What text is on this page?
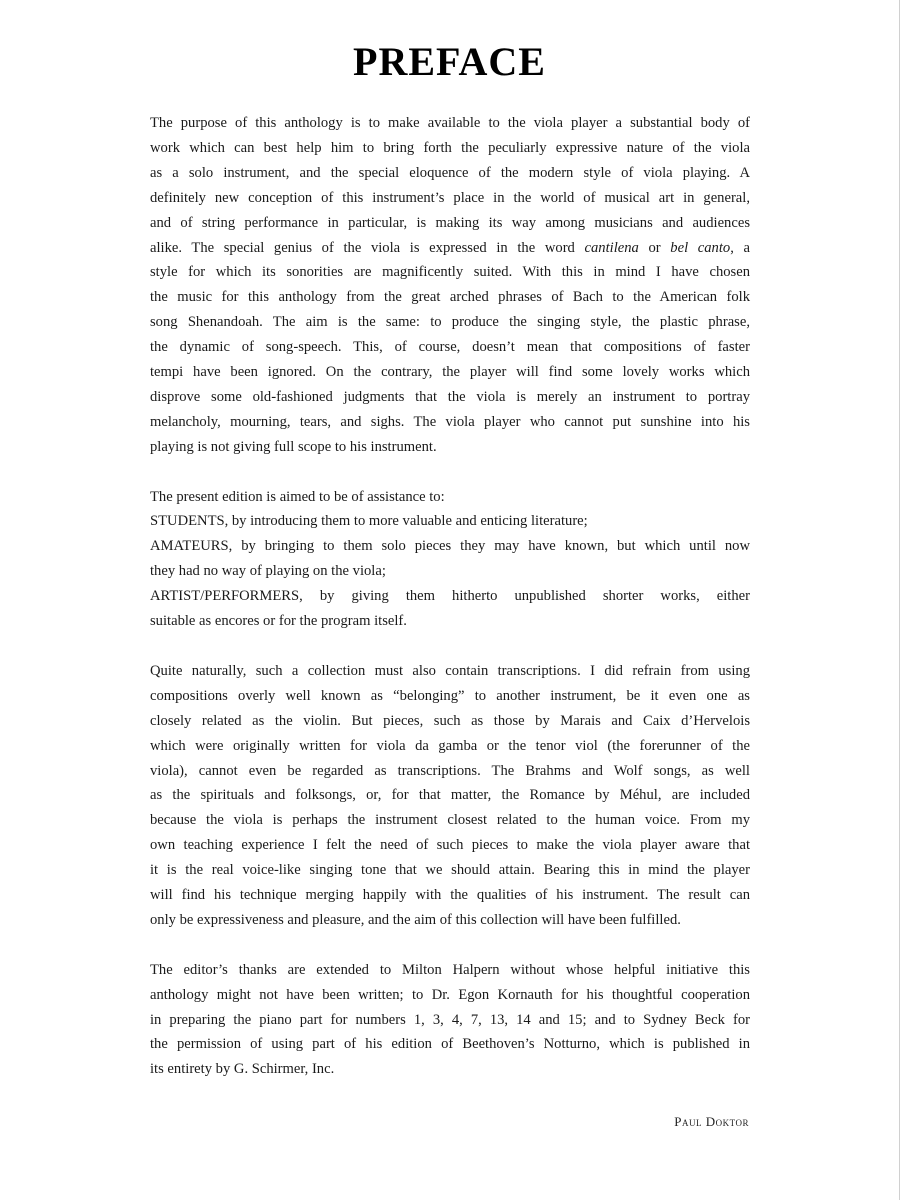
PREFACE

The purpose of this anthology is to make available to the viola player a substantial body of
work which can best help him to bring forth the peculiarly expressive nature of the viola
as a solo instrument, and the special eloquence of the modern style of viola playing. A
definitely new conception of this instrument’s place in the world of musical art in general,
and of string performance in particular, is making its way among musicians and audiences
alike. The special genius of the viola is expressed in the word cantilena or bel canto, a
style for which its sonorities are magnificently suited. With this in mind I have chosen
the music for this anthology from the great arched phrases of Bach to the American folk
song Shenandoah. The aim is the same: to produce the singing style, the plastic phrase,
the dynamic of song-speech. This, of course, doesn’t mean that compositions of faster
tempi have been ignored. On the contrary, the player will find some lovely works which
disprove some old-fashioned judgments that the viola is merely an instrument to portray
melancholy, mourning, tears, and sighs. The viola player who cannot put sunshine into his
playing is not giving full scope to his instrument.

The present edition is aimed to be of assistance to:
STUDENTS, by introducing them to more valuable and enticing literature;
AMATEURS, by bringing to them solo pieces they may have known, but which until now
they had no way of playing on the viola;
ARTIST/PERFORMERS, by giving them hitherto unpublished shorter works, either
suitable as encores or for the program itself.

Quite naturally, such a collection must also contain transcriptions. I did refrain from using
compositions overly well known as “belonging” to another instrument, be it even one as
closely related as the violin. But pieces, such as those by Marais and Caix d’Hervelois
which were originally written for viola da gamba or the tenor viol (the forerunner of the
viola), cannot even be regarded as transcriptions. The Brahms and Wolf songs, as well
as the spirituals and folksongs, or, for that matter, the Romance by Méhul, are included
because the viola is perhaps the instrument closest related to the human voice. From my
own teaching experience I felt the need of such pieces to make the viola player aware that
it is the real voice-like singing tone that we should attain. Bearing this in mind the player
will find his technique merging happily with the qualities of his instrument. The result can
only be expressiveness and pleasure, and the aim of this collection will have been fulfilled.

The editor’s thanks are extended to Milton Halpern without whose helpful initiative this
anthology might not have been written; to Dr. Egon Kornauth for his thoughtful cooperation
in preparing the piano part for numbers 1, 3, 4, 7, 13, 14 and 15; and to Sydney Beck for
the permission of using part of his edition of Beethoven’s Notturno, which is published in
its entirety by G. Schirmer, Inc.

Paul Doktor
